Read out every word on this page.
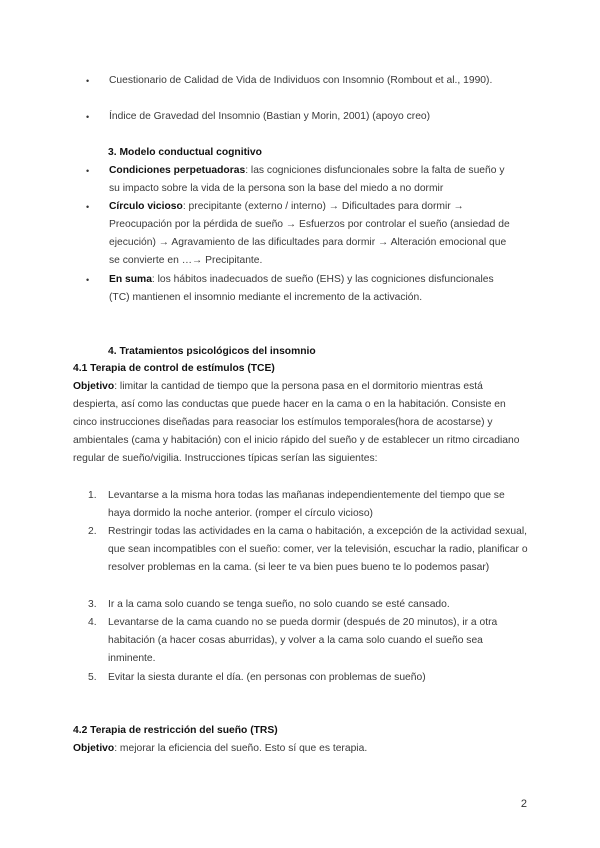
• Cuestionario de Calidad de Vida de Individuos con Insomnio (Rombout et al., 1990).
• Índice de Gravedad del Insomnio (Bastian y Morin, 2001) (apoyo creo)
3. Modelo conductual cognitivo
• Condiciones perpetuadoras: las cogniciones disfuncionales sobre la falta de sueño y su impacto sobre la vida de la persona son la base del miedo a no dormir
• Círculo vicioso: precipitante (externo / interno) → Dificultades para dormir → Preocupación por la pérdida de sueño → Esfuerzos por controlar el sueño (ansiedad de ejecución) → Agravamiento de las dificultades para dormir → Alteración emocional que se convierte en …→ Precipitante.
• En suma: los hábitos inadecuados de sueño (EHS) y las cogniciones disfuncionales (TC) mantienen el insomnio mediante el incremento de la activación.
4. Tratamientos psicológicos del insomnio
4.1 Terapia de control de estímulos (TCE)
Objetivo: limitar la cantidad de tiempo que la persona pasa en el dormitorio mientras está despierta, así como las conductas que puede hacer en la cama o en la habitación. Consiste en cinco instrucciones diseñadas para reasociar los estímulos temporales(hora de acostarse) y ambientales (cama y habitación) con el inicio rápido del sueño y de establecer un ritmo circadiano regular de sueño/vigilia. Instrucciones típicas serían las siguientes:
1. Levantarse a la misma hora todas las mañanas independientemente del tiempo que se haya dormido la noche anterior. (romper el círculo vicioso)
2. Restringir todas las actividades en la cama o habitación, a excepción de la actividad sexual, que sean incompatibles con el sueño: comer, ver la televisión, escuchar la radio, planificar o resolver problemas en la cama. (si leer te va bien pues bueno te lo podemos pasar)
3. Ir a la cama solo cuando se tenga sueño, no solo cuando se esté cansado.
4. Levantarse de la cama cuando no se pueda dormir (después de 20 minutos), ir a otra habitación (a hacer cosas aburridas), y volver a la cama solo cuando el sueño sea inminente.
5. Evitar la siesta durante el día. (en personas con problemas de sueño)
4.2 Terapia de restricción del sueño (TRS)
Objetivo: mejorar la eficiencia del sueño. Esto sí que es terapia.
2
